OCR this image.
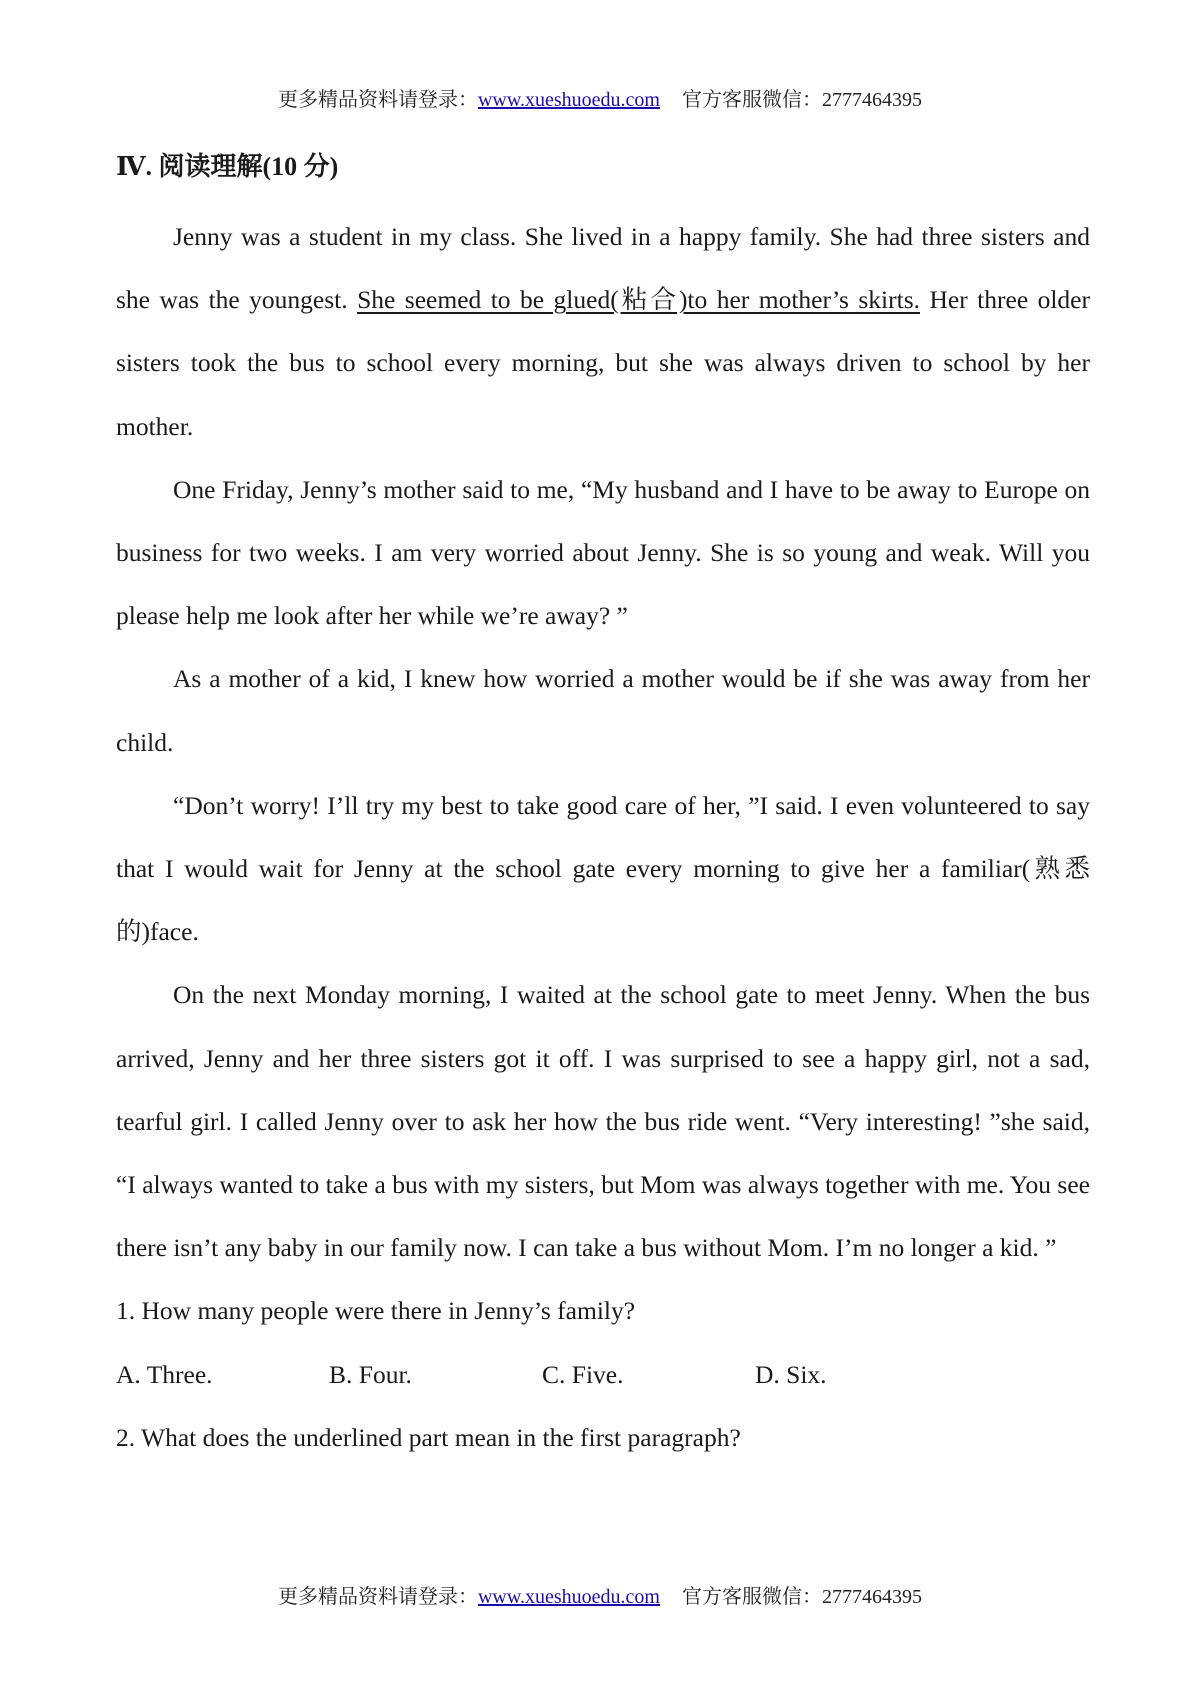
更多精品资料请登录：www.xueshuoedu.com 官方客服微信：2777464395
Ⅳ. 阅读理解(10 分)

Jenny was a student in my class. She lived in a happy family. She had three sisters and she was the youngest. She seemed to be glued(粘合)to her mother’s skirts. Her three older sisters took the bus to school every morning, but she was always driven to school by her mother.

One Friday, Jenny’s mother said to me, “My husband and I have to be away to Europe on business for two weeks. I am very worried about Jenny. She is so young and weak. Will you please help me look after her while we’re away? ”

As a mother of a kid, I knew how worried a mother would be if she was away from her child.

“Don’t worry! I’ll try my best to take good care of her, ”I said. I even volunteered to say that I would wait for Jenny at the school gate every morning to give her a familiar(熟悉的)face.

On the next Monday morning, I waited at the school gate to meet Jenny. When the bus arrived, Jenny and her three sisters got it off. I was surprised to see a happy girl, not a sad, tearful girl. I called Jenny over to ask her how the bus ride went. “Very interesting! ”she said, “I always wanted to take a bus with my sisters, but Mom was always together with me. You see there isn’t any baby in our family now. I can take a bus without Mom. I’m no longer a kid. ”

1. How many people were there in Jenny’s family?

A. Three.	B. Four.	C. Five.	D. Six.

2. What does the underlined part mean in the first paragraph?

更多精品资料请登录：www.xueshuoedu.com 官方客服微信：2777464395
